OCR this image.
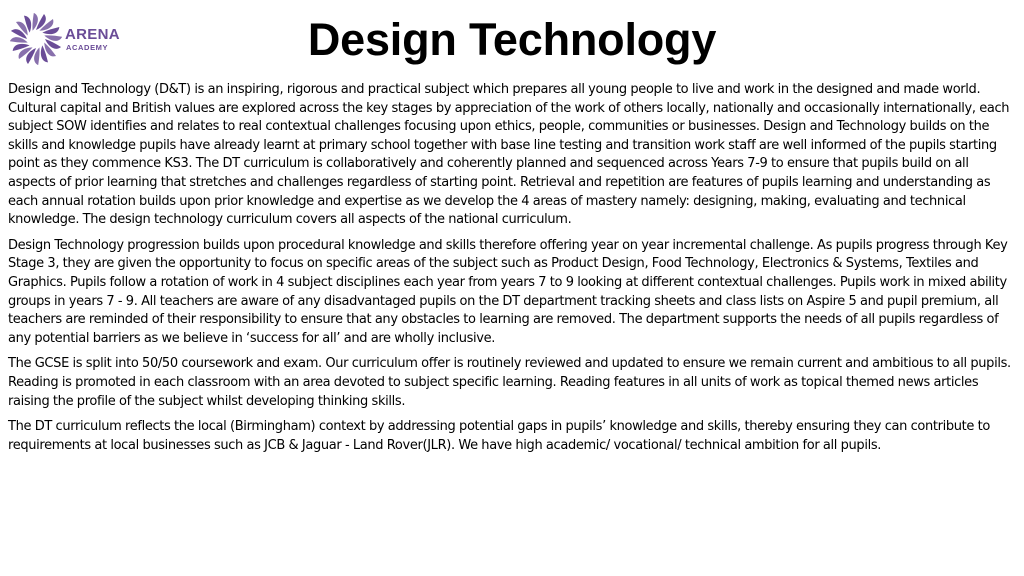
ARENA
ACADEMY	Design Technology

Design and Technology (D&T) is an inspiring, rigorous and practical subject which prepares all young people to live and work in the designed and made world. Cultural capital and British values are explored across the key stages by appreciation of the work of others locally, nationally and occasionally internationally, each subject SOW identifies and relates to real contextual challenges focusing upon ethics, people, communities or businesses. Design and Technology builds on the skills and knowledge pupils have already learnt at primary school together with base line testing and transition work staff are well informed of the pupils starting point as they commence KS3. The DT curriculum is collaboratively and coherently planned and sequenced across Years 7-9 to ensure that pupils build on all aspects of prior learning that stretches and challenges regardless of starting point. Retrieval and repetition are features of pupils learning and understanding as each annual rotation builds upon prior knowledge and expertise as we develop the 4 areas of mastery namely: designing, making, evaluating and technical knowledge. The design technology curriculum covers all aspects of the national curriculum.

Design Technology progression builds upon procedural knowledge and skills therefore offering year on year incremental challenge. As pupils progress through Key Stage 3, they are given the opportunity to focus on specific areas of the subject such as Product Design, Food Technology, Electronics & Systems, Textiles and Graphics. Pupils follow a rotation of work in 4 subject disciplines each year from years 7 to 9 looking at different contextual challenges. Pupils work in mixed ability groups in years 7 - 9. All teachers are aware of any disadvantaged pupils on the DT department tracking sheets and class lists on Aspire 5 and pupil premium, all teachers are reminded of their responsibility to ensure that any obstacles to learning are removed. The department supports the needs of all pupils regardless of any potential barriers as we believe in ‘success for all’ and are wholly inclusive.

The GCSE is split into 50/50 coursework and exam. Our curriculum offer is routinely reviewed and updated to ensure we remain current and ambitious to all pupils. Reading is promoted in each classroom with an area devoted to subject specific learning. Reading features in all units of work as topical themed news articles raising the profile of the subject whilst developing thinking skills.

The DT curriculum reflects the local (Birmingham) context by addressing potential gaps in pupils’ knowledge and skills, thereby ensuring they can contribute to requirements at local businesses such as JCB & Jaguar - Land Rover(JLR). We have high academic/ vocational/ technical ambition for all pupils.
